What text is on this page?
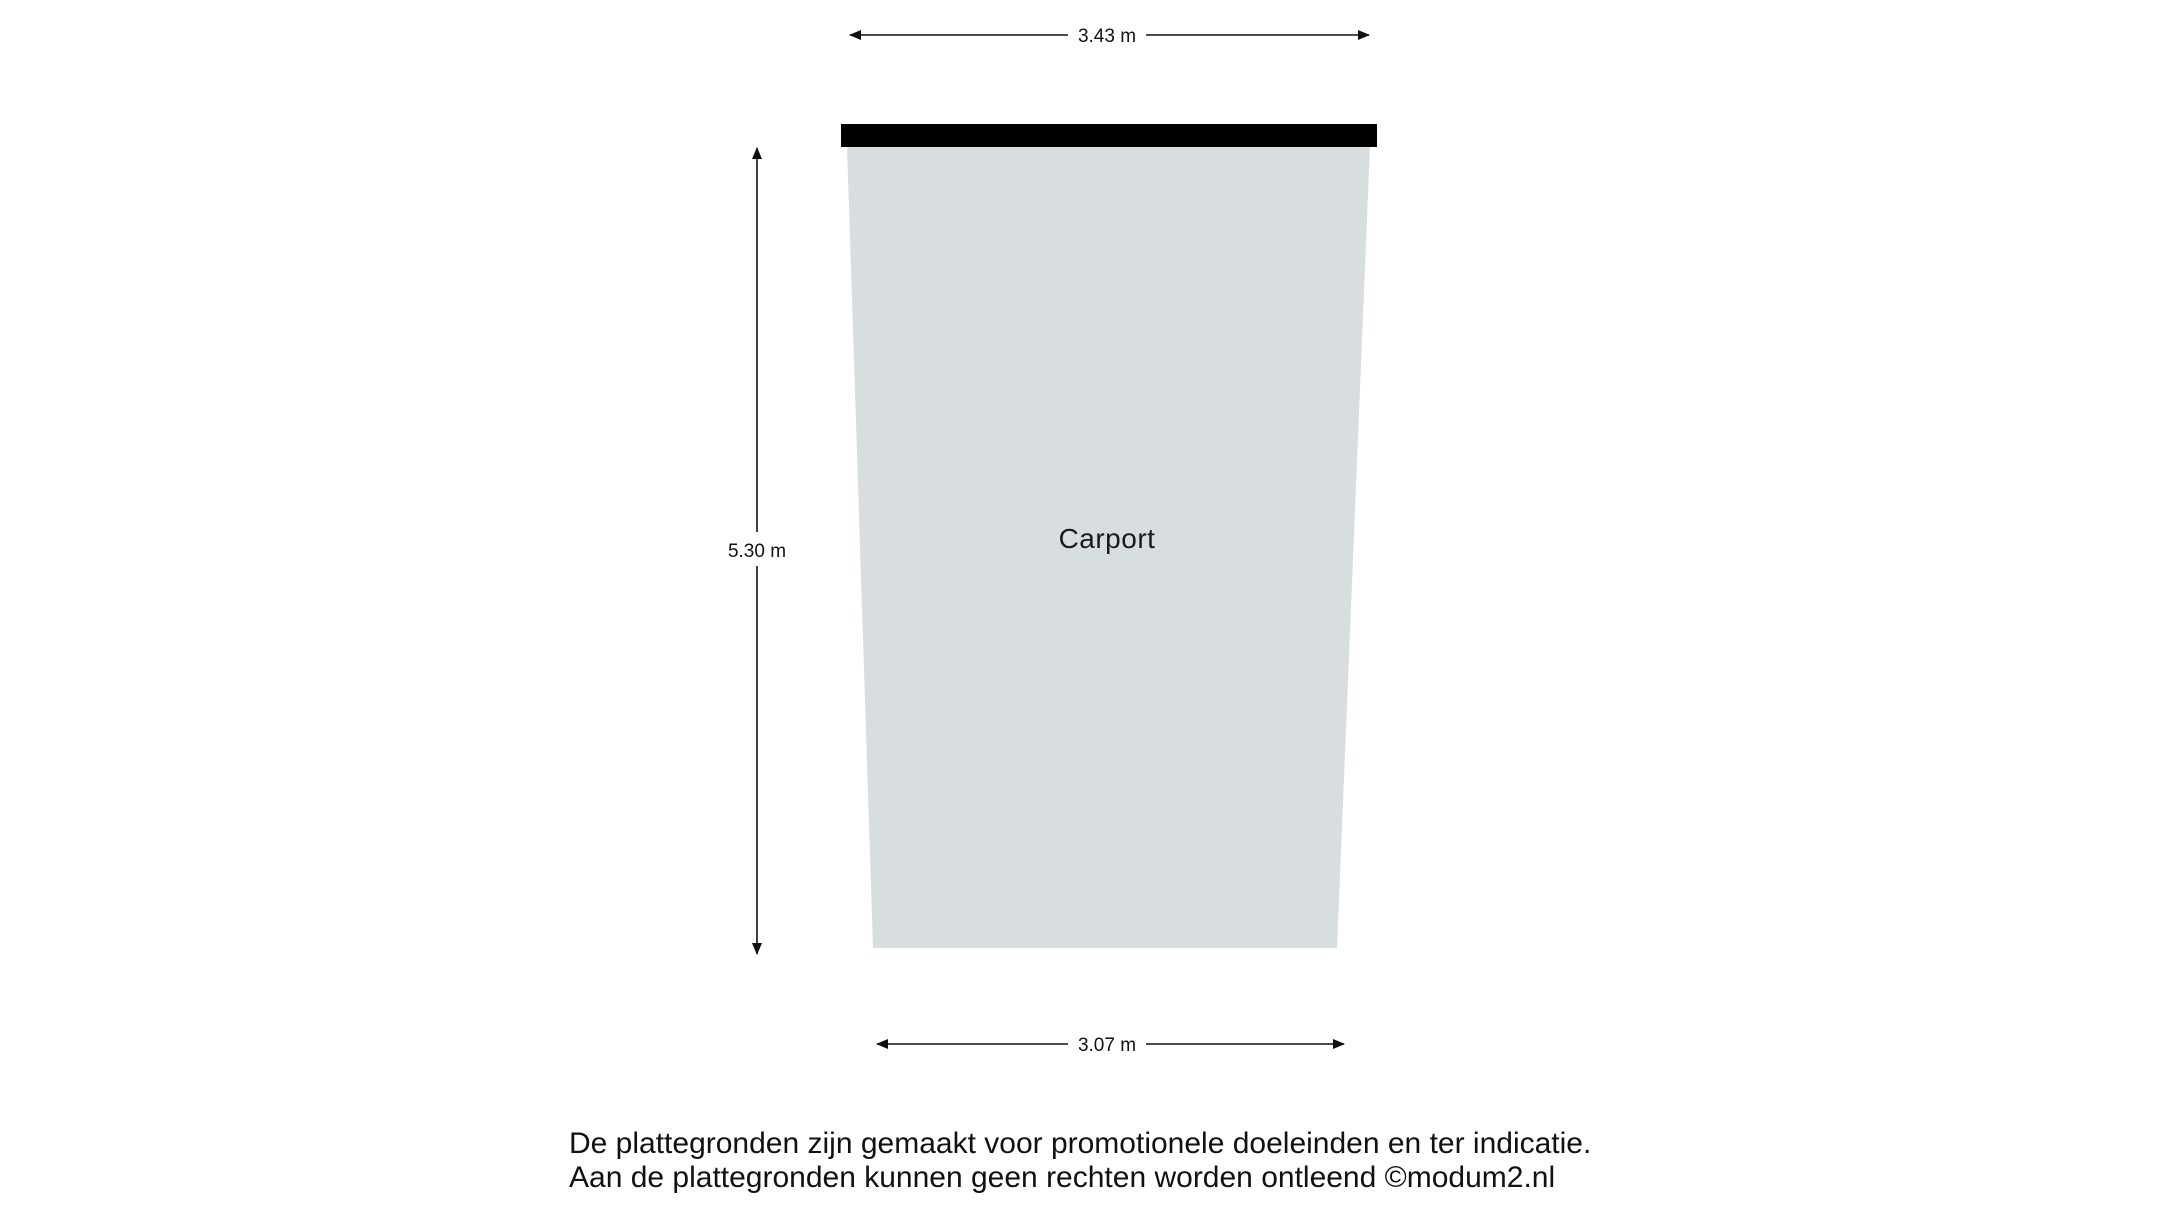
Carport
3.43 m
3.07 m
5.30 m
De plattegronden zijn gemaakt voor promotionele doeleinden en ter indicatie.
Aan de plattegronden kunnen geen rechten worden ontleend ©modum2.nl
